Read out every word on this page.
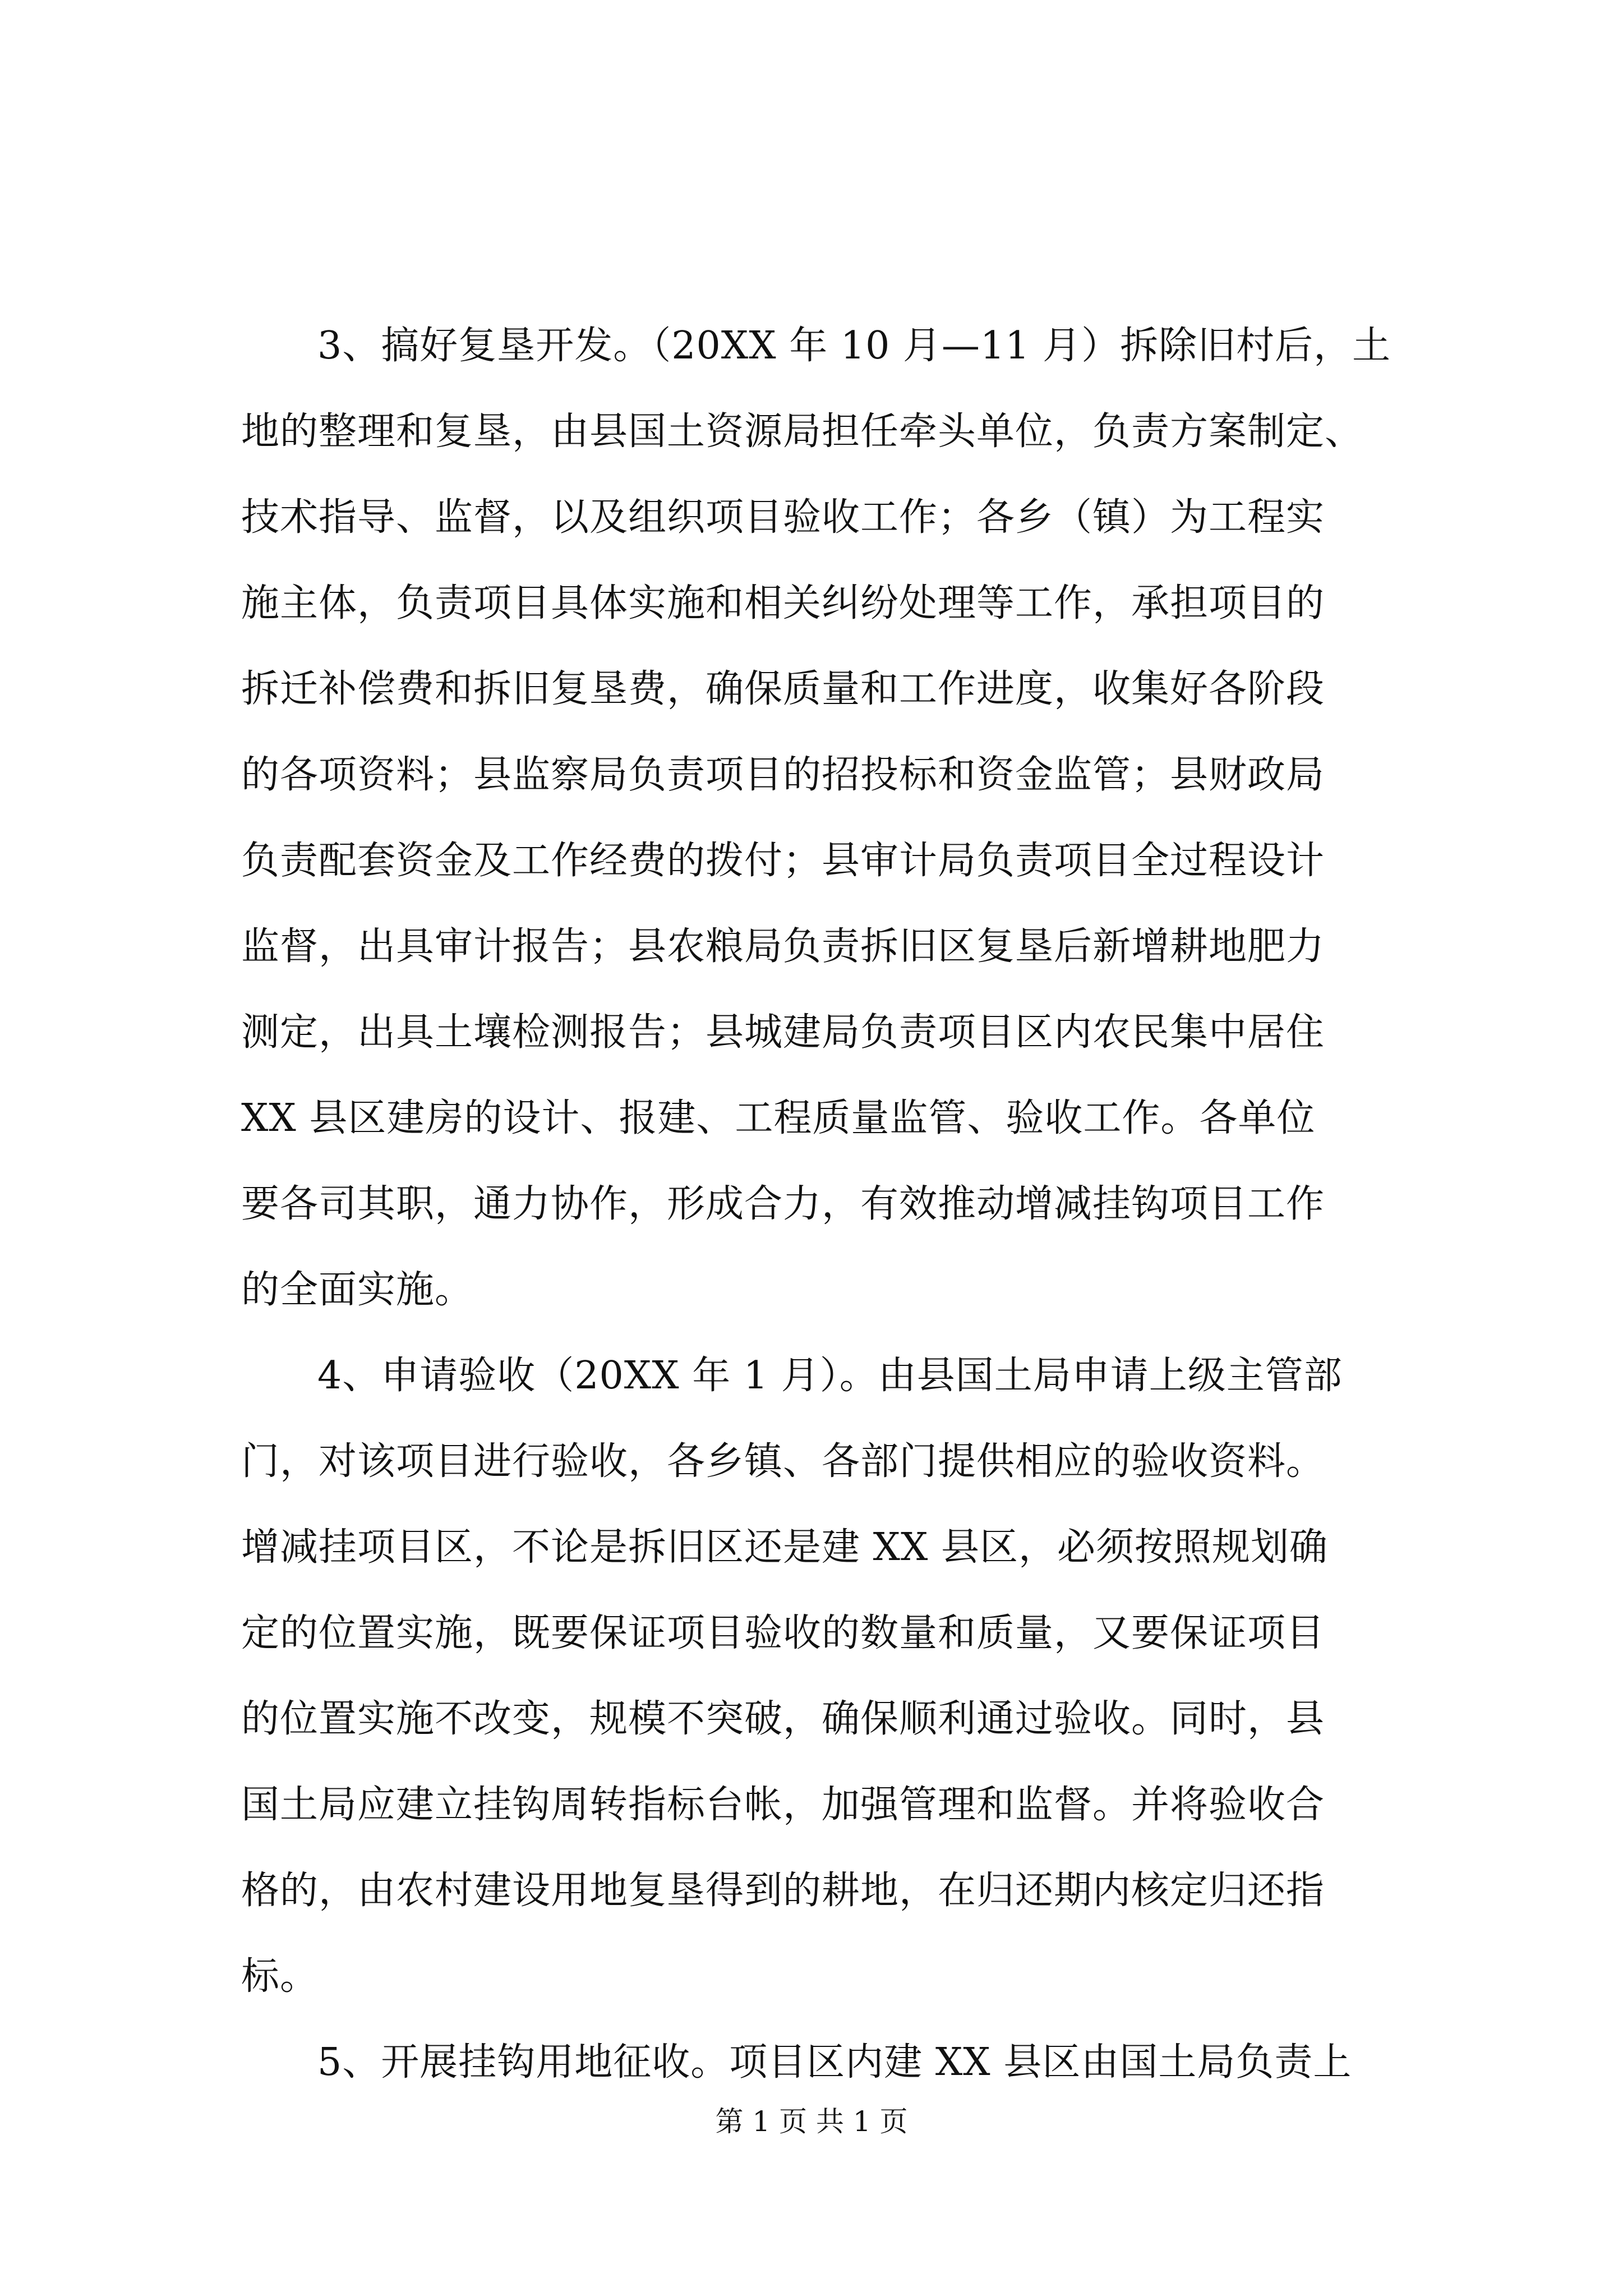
3、搞好复垦开发。（20XX 年 10 月—11 月）拆除旧村后，土
地的整理和复垦，由县国土资源局担任牵头单位，负责方案制定、
技术指导、监督，以及组织项目验收工作；各乡（镇）为工程实
施主体，负责项目具体实施和相关纠纷处理等工作，承担项目的
拆迁补偿费和拆旧复垦费，确保质量和工作进度，收集好各阶段
的各项资料；县监察局负责项目的招投标和资金监管；县财政局
负责配套资金及工作经费的拨付；县审计局负责项目全过程设计
监督，出具审计报告；县农粮局负责拆旧区复垦后新增耕地肥力
测定，出具土壤检测报告；县城建局负责项目区内农民集中居住
XX 县区建房的设计、报建、工程质量监管、验收工作。各单位
要各司其职，通力协作，形成合力，有效推动增减挂钩项目工作
的全面实施。
4、申请验收（20XX 年 1 月）。由县国土局申请上级主管部
门，对该项目进行验收，各乡镇、各部门提供相应的验收资料。
增减挂项目区，不论是拆旧区还是建 XX 县区，必须按照规划确
定的位置实施，既要保证项目验收的数量和质量，又要保证项目
的位置实施不改变，规模不突破，确保顺利通过验收。同时，县
国土局应建立挂钩周转指标台帐，加强管理和监督。并将验收合
格的，由农村建设用地复垦得到的耕地，在归还期内核定归还指
标。
5、开展挂钩用地征收。项目区内建 XX 县区由国土局负责上
第 1 页 共 1 页
